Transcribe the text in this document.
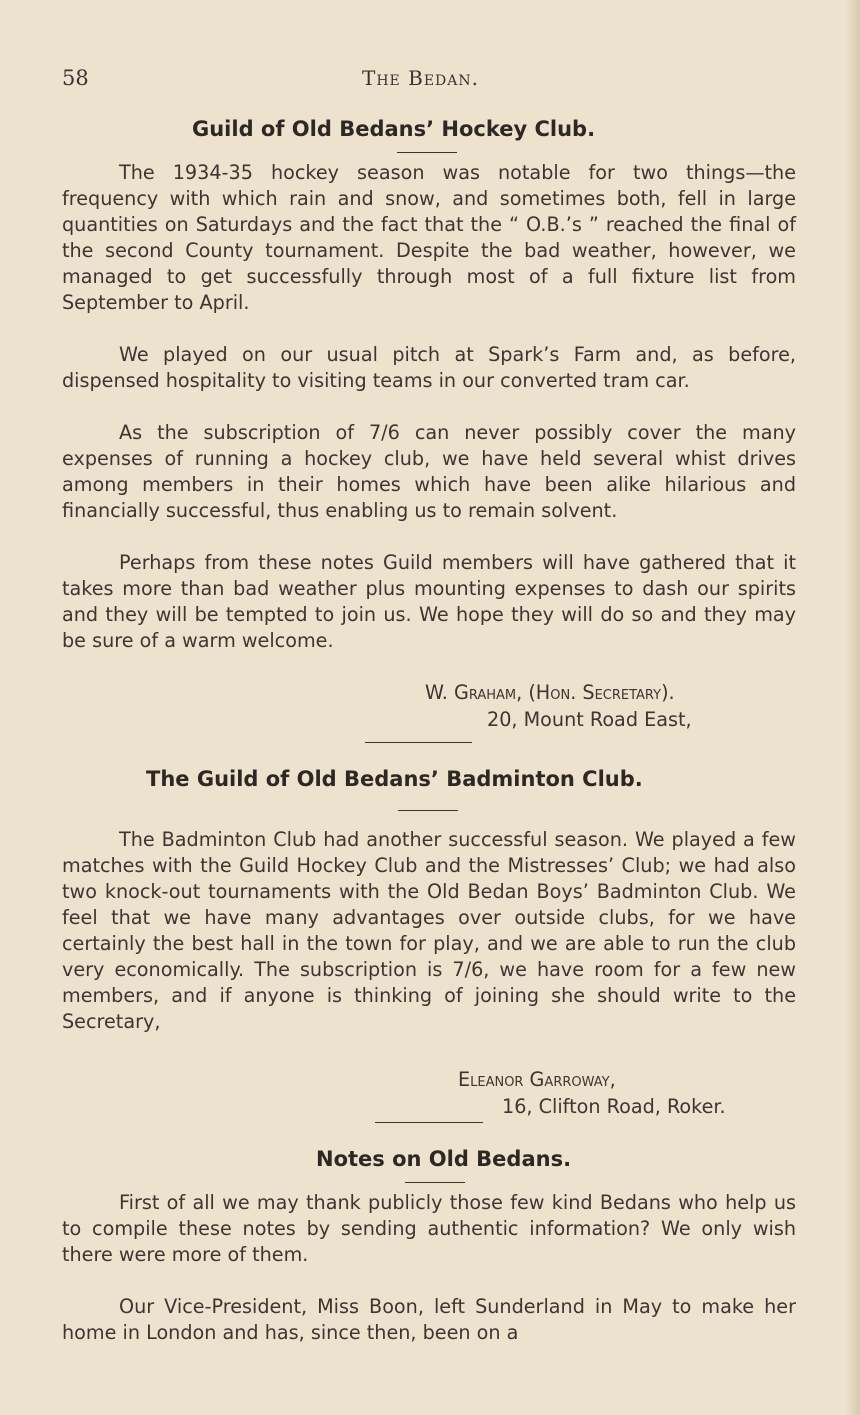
58	The Bedan.
Guild of Old Bedans’ Hockey Club.

The 1934-35 hockey season was notable for two things—the frequency with which rain and snow, and sometimes both, fell in large quantities on Saturdays and the fact that the “ O.B.’s ” reached the final of the second County tournament. Despite the bad weather, however, we managed to get successfully through most of a full fixture list from September to April.

We played on our usual pitch at Spark’s Farm and, as before, dispensed hospitality to visiting teams in our converted tram car.

As the subscription of 7/6 can never possibly cover the many expenses of running a hockey club, we have held several whist drives among members in their homes which have been alike hilarious and financially successful, thus enabling us to remain solvent.

Perhaps from these notes Guild members will have gathered that it takes more than bad weather plus mounting expenses to dash our spirits and they will be tempted to join us. We hope they will do so and they may be sure of a warm welcome.

W. Graham, (Hon. Secretary).
20, Mount Road East,
The Guild of Old Bedans’ Badminton Club.

The Badminton Club had another successful season. We played a few matches with the Guild Hockey Club and the Mistresses’ Club; we had also two knock-out tournaments with the Old Bedan Boys’ Badminton Club. We feel that we have many advantages over outside clubs, for we have certainly the best hall in the town for play, and we are able to run the club very economically. The subscription is 7/6, we have room for a few new members, and if anyone is thinking of joining she should write to the Secretary,

Eleanor Garroway,
16, Clifton Road, Roker.
Notes on Old Bedans.

First of all we may thank publicly those few kind Bedans who help us to compile these notes by sending authentic information? We only wish there were more of them.

Our Vice-President, Miss Boon, left Sunderland in May to make her home in London and has, since then, been on a
